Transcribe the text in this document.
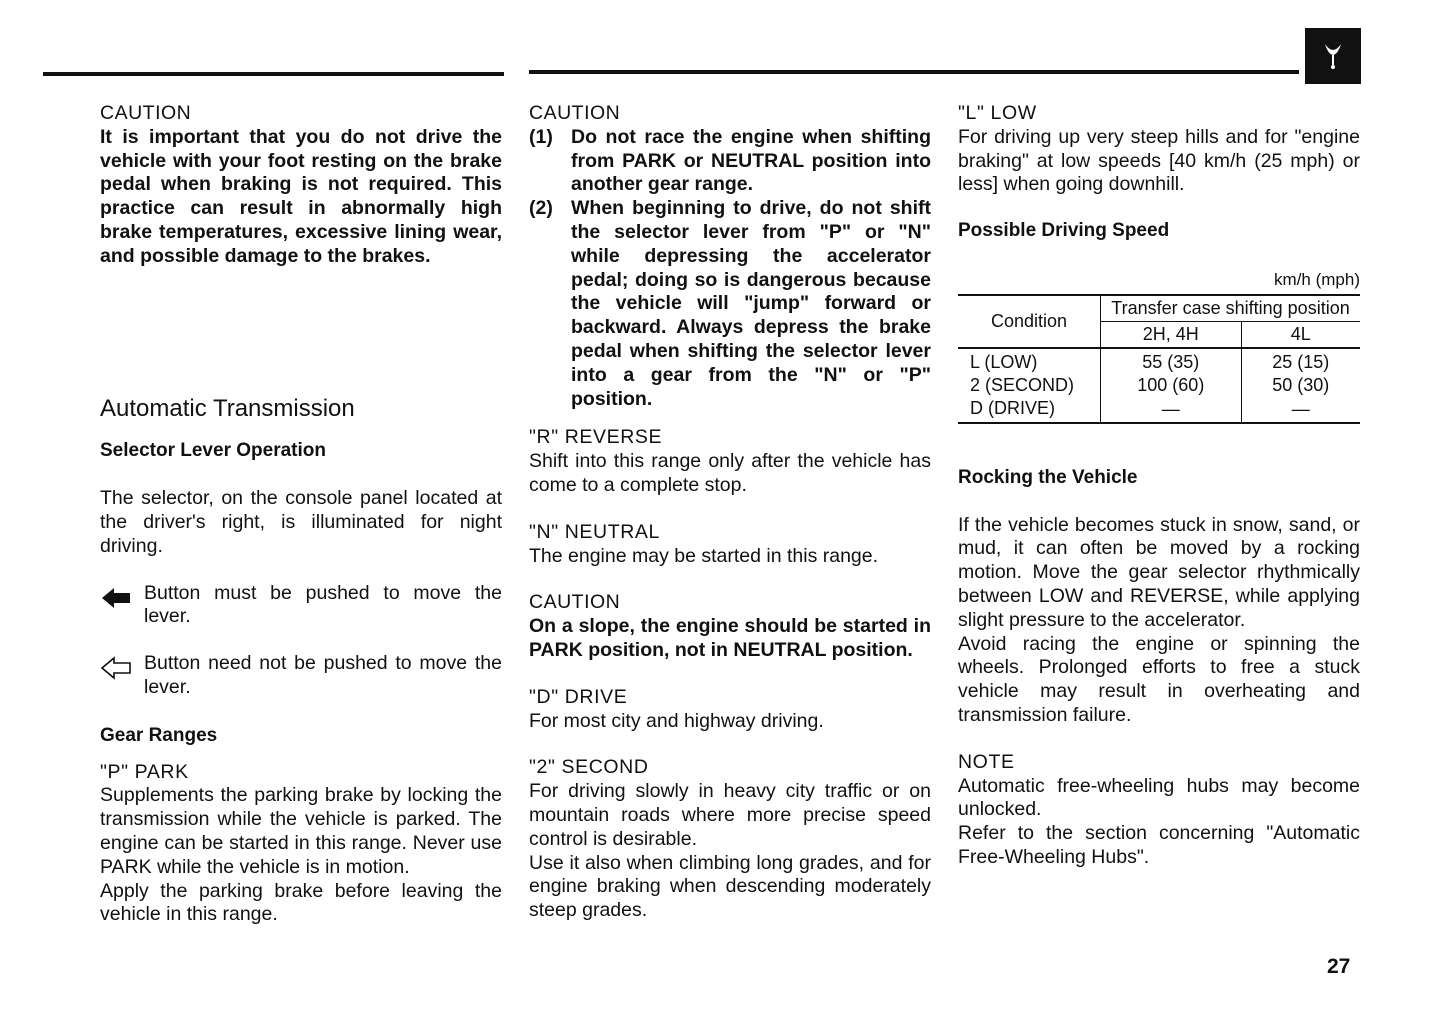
CAUTION

It is important that you do not drive the vehicle with your foot resting on the brake pedal when braking is not required. This practice can result in abnormally high brake temperatures, excessive lining wear, and possible damage to the brakes.

Automatic Transmission

Selector Lever Operation

The selector, on the console panel located at the driver's right, is illuminated for night driving.

Button must be pushed to move the lever.
Button need not be pushed to move the lever.

Gear Ranges

"P" PARK

Supplements the parking brake by locking the transmission while the vehicle is parked. The engine can be started in this range. Never use PARK while the vehicle is in motion.

Apply the parking brake before leaving the vehicle in this range.

CAUTION

(1) Do not race the engine when shifting from PARK or NEUTRAL position into another gear range.
(2) When beginning to drive, do not shift the selector lever from "P" or "N" while depressing the accelerator pedal; doing so is dangerous because the vehicle will "jump" forward or backward. Always depress the brake pedal when shifting the selector lever into a gear from the "N" or "P" position.

"R" REVERSE

Shift into this range only after the vehicle has come to a complete stop.

"N" NEUTRAL

The engine may be started in this range.

CAUTION

On a slope, the engine should be started in PARK position, not in NEUTRAL position.

"D" DRIVE

For most city and highway driving.

"2" SECOND

For driving slowly in heavy city traffic or on mountain roads where more precise speed control is desirable.

Use it also when climbing long grades, and for engine braking when descending moderately steep grades.

"L" LOW

For driving up very steep hills and for "engine braking" at low speeds [40 km/h (25 mph) or less] when going downhill.

Possible Driving Speed

km/h (mph)

Condition	Transfer case shifting position	
	2H, 4H	4L
L (LOW)	55 (35)	25 (15)
2 (SECOND)	100 (60)	50 (30)
D (DRIVE)	—	—

Rocking the Vehicle

If the vehicle becomes stuck in snow, sand, or mud, it can often be moved by a rocking motion. Move the gear selector rhythmically between LOW and REVERSE, while applying slight pressure to the accelerator.

Avoid racing the engine or spinning the wheels. Prolonged efforts to free a stuck vehicle may result in overheating and transmission failure.

NOTE

Automatic free-wheeling hubs may become unlocked.

Refer to the section concerning "Automatic Free-Wheeling Hubs".

27
